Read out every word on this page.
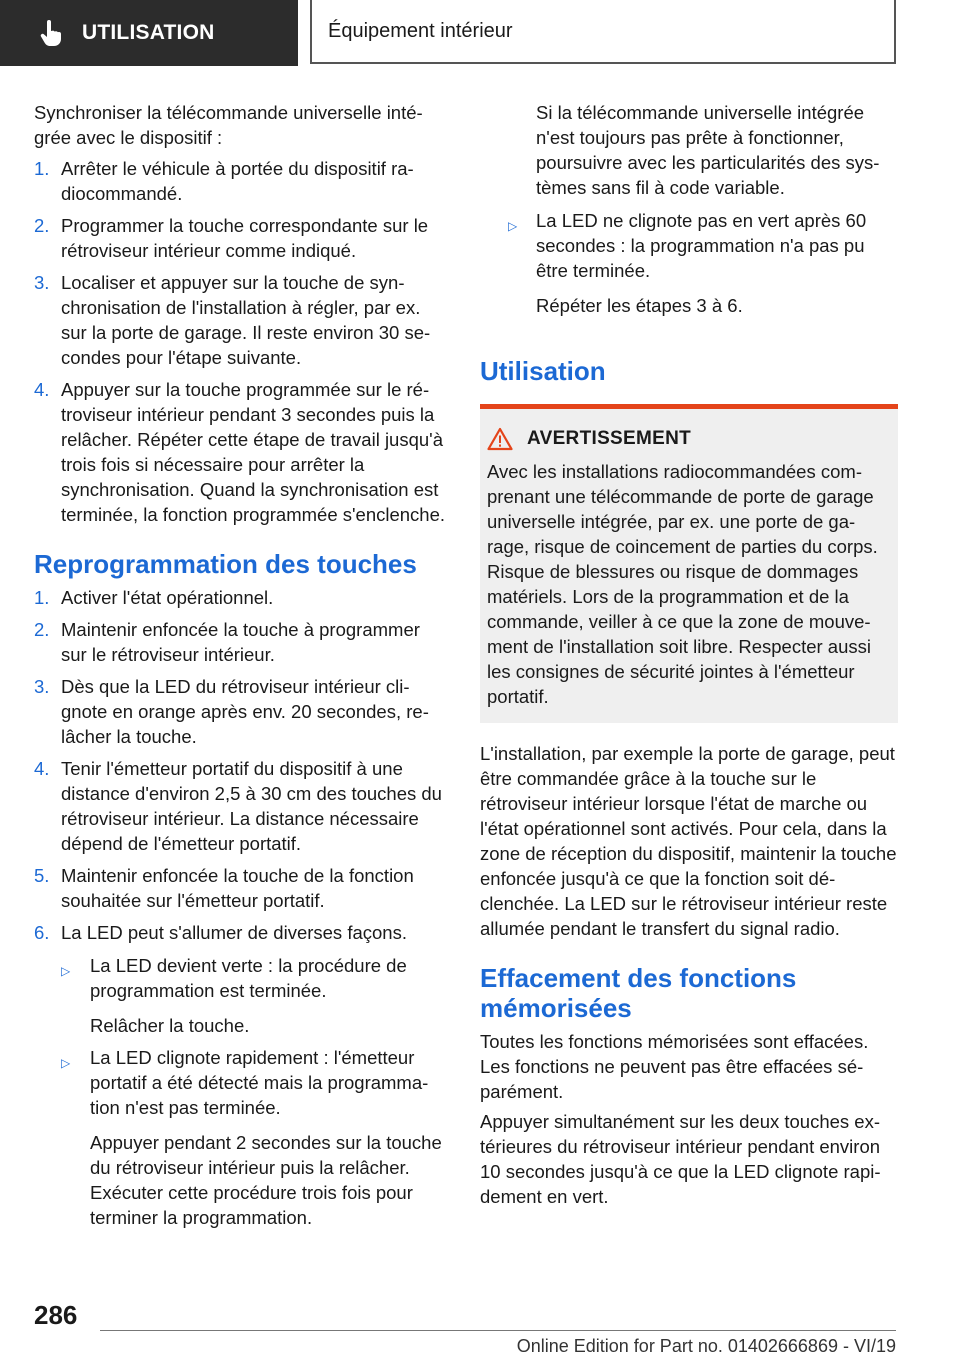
UTILISATION	Équipement intérieur

Synchroniser la télécommande universelle intégrée avec le dispositif :

1. Arrêter le véhicule à portée du dispositif radiocommandé.
2. Programmer la touche correspondante sur le rétroviseur intérieur comme indiqué.
3. Localiser et appuyer sur la touche de synchronisation de l'installation à régler, par ex. sur la porte de garage. Il reste environ 30 secondes pour l'étape suivante.
4. Appuyer sur la touche programmée sur le rétroviseur intérieur pendant 3 secondes puis la relâcher. Répéter cette étape de travail jusqu'à trois fois si nécessaire pour arrêter la synchronisation. Quand la synchronisation est terminée, la fonction programmée s'enclenche.
Reprogrammation des touches
1. Activer l'état opérationnel.
2. Maintenir enfoncée la touche à programmer sur le rétroviseur intérieur.
3. Dès que la LED du rétroviseur intérieur clignote en orange après env. 20 secondes, relâcher la touche.
4. Tenir l'émetteur portatif du dispositif à une distance d'environ 2,5 à 30 cm des touches du rétroviseur intérieur. La distance nécessaire dépend de l'émetteur portatif.
5. Maintenir enfoncée la touche de la fonction souhaitée sur l'émetteur portatif.
6. La LED peut s'allumer de diverses façons.
▷	La LED devient verte : la procédure de programmation est terminée.

Relâcher la touche.

▷	La LED clignote rapidement : l'émetteur portatif a été détecté mais la programmation n'est pas terminée.

Appuyer pendant 2 secondes sur la touche du rétroviseur intérieur puis la relâcher. Exécuter cette procédure trois fois pour terminer la programmation.

Si la télécommande universelle intégrée n'est toujours pas prête à fonctionner, poursuivre avec les particularités des systèmes sans fil à code variable.

▷	La LED ne clignote pas en vert après 60 secondes : la programmation n'a pas pu être terminée.

Répéter les étapes 3 à 6.

Utilisation
AVERTISSEMENT

Avec les installations radiocommandées comprenant une télécommande de porte de garage universelle intégrée, par ex. une porte de garage, risque de coincement de parties du corps. Risque de blessures ou risque de dommages matériels. Lors de la programmation et de la commande, veiller à ce que la zone de mouvement de l'installation soit libre. Respecter aussi les consignes de sécurité jointes à l'émetteur portatif.

L'installation, par exemple la porte de garage, peut être commandée grâce à la touche sur le rétroviseur intérieur lorsque l'état de marche ou l'état opérationnel sont activés. Pour cela, dans la zone de réception du dispositif, maintenir la touche enfoncée jusqu'à ce que la fonction soit déclenchée. La LED sur le rétroviseur intérieur reste allumée pendant le transfert du signal radio.

Effacement des fonctions mémorisées

Toutes les fonctions mémorisées sont effacées. Les fonctions ne peuvent pas être effacées séparément.

Appuyer simultanément sur les deux touches extérieures du rétroviseur intérieur pendant environ 10 secondes jusqu'à ce que la LED clignote rapidement en vert.

286
Online Edition for Part no. 01402666869 - VI/19
